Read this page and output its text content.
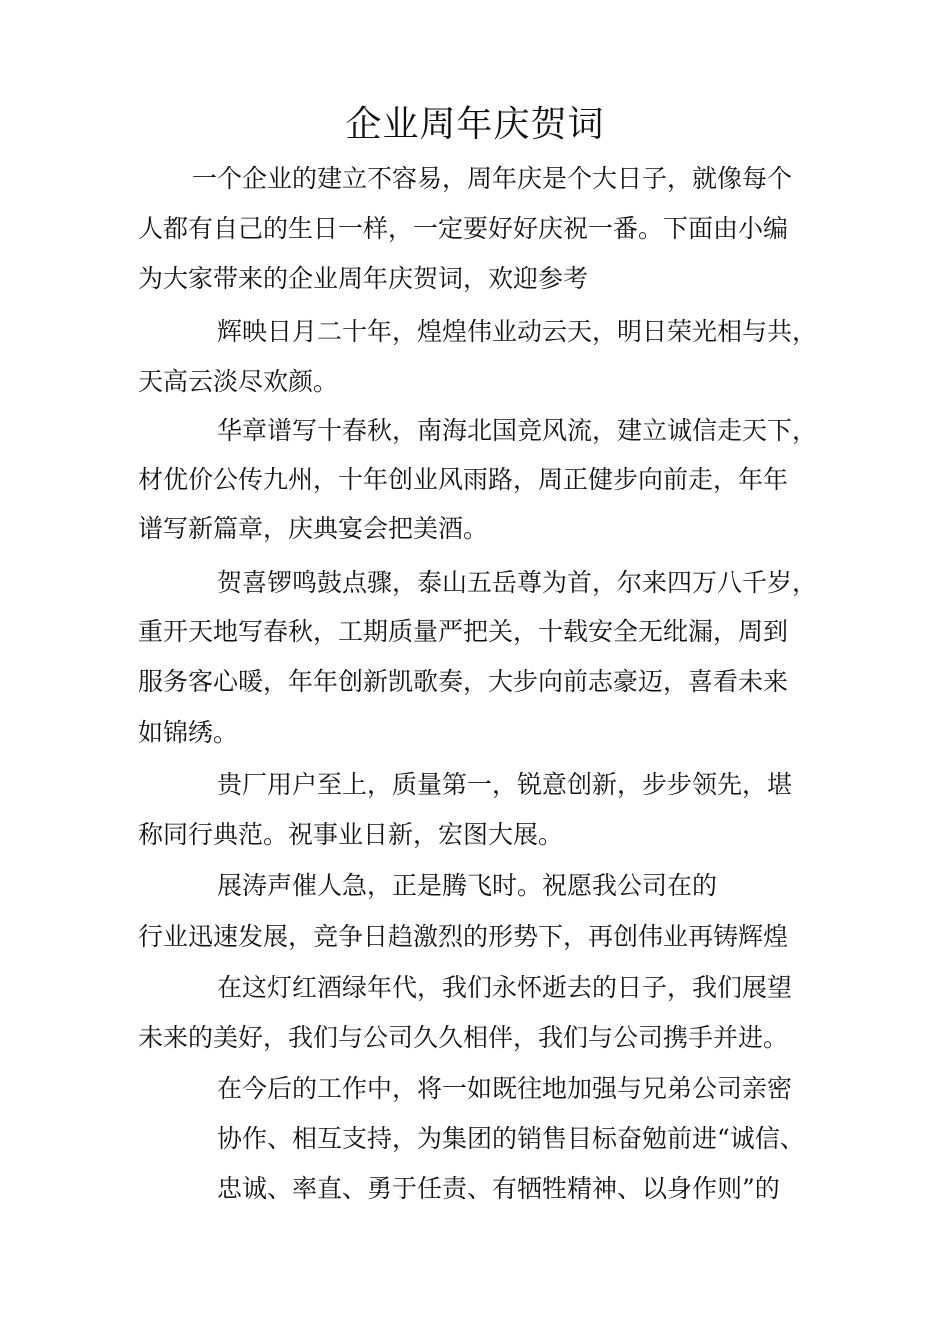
企业周年庆贺词
一个企业的建立不容易，周年庆是个大日子，就像每个
人都有自己的生日一样，一定要好好庆祝一番。下面由小编
为大家带来的企业周年庆贺词，欢迎参考
辉映日月二十年，煌煌伟业动云天，明日荣光相与共，
天高云淡尽欢颜。
华章谱写十春秋，南海北国竞风流，建立诚信走天下，
材优价公传九州，十年创业风雨路，周正健步向前走，年年
谱写新篇章，庆典宴会把美酒。
贺喜锣鸣鼓点骤，泰山五岳尊为首，尔来四万八千岁，
重开天地写春秋，工期质量严把关，十载安全无纰漏，周到
服务客心暖，年年创新凯歌奏，大步向前志豪迈，喜看未来
如锦绣。
贵厂用户至上，质量第一，锐意创新，步步领先，堪
称同行典范。祝事业日新，宏图大展。
展涛声催人急，正是腾飞时。祝愿我公司在的
行业迅速发展，竞争日趋激烈的形势下，再创伟业再铸辉煌
在这灯红酒绿年代，我们永怀逝去的日子，我们展望
未来的美好，我们与公司久久相伴，我们与公司携手并进。
在今后的工作中，将一如既往地加强与兄弟公司亲密
协作、相互支持，为集团的销售目标奋勉前进“诚信、
忠诚、率直、勇于任责、有牺牲精神、以身作则”的
